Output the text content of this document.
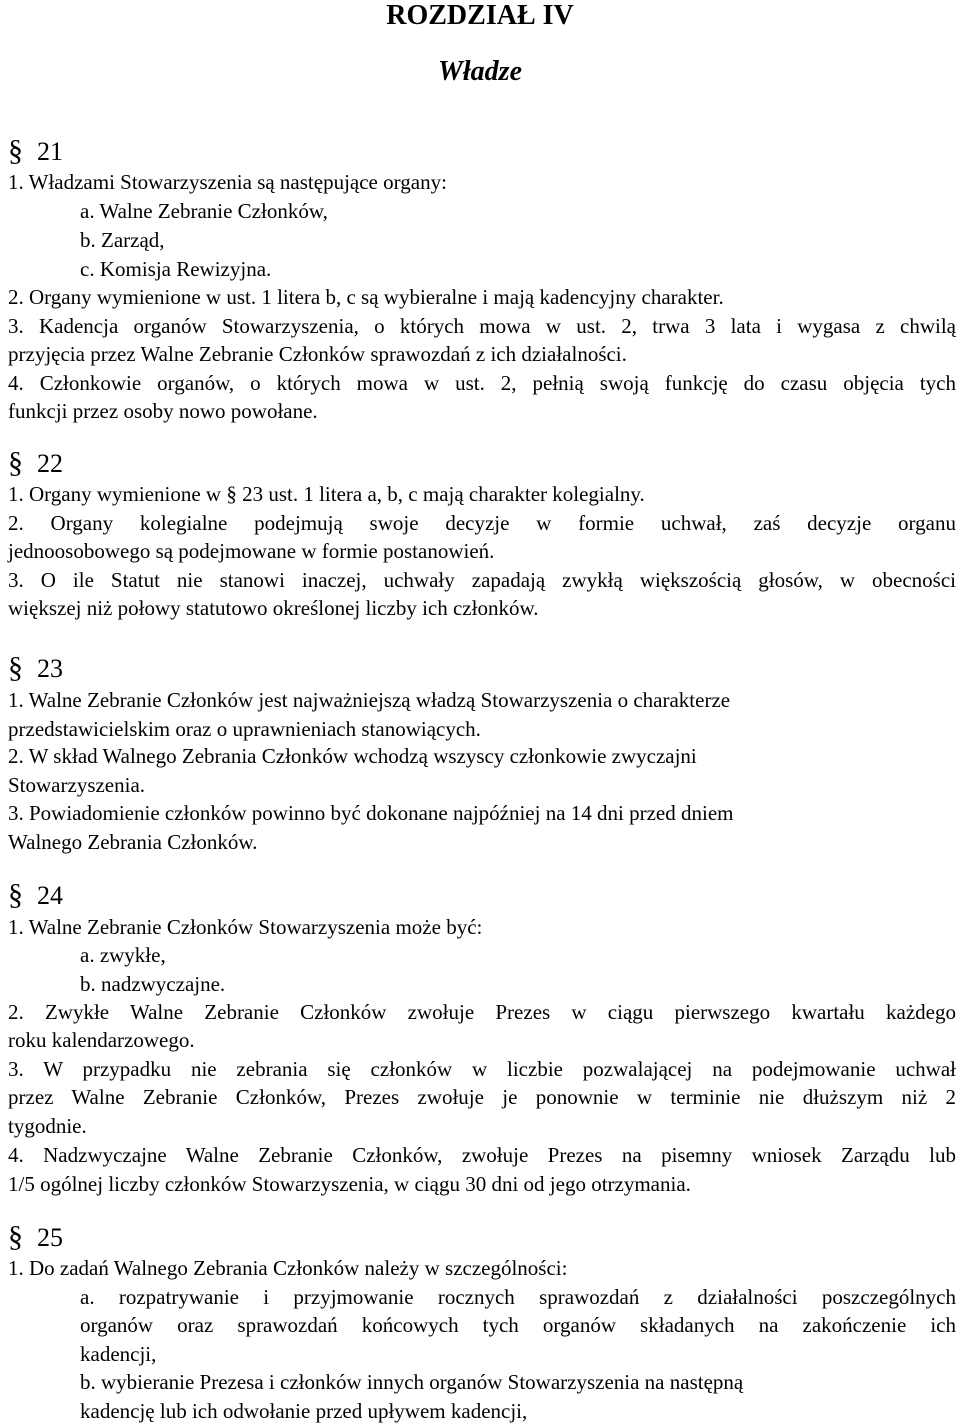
ROZDZIAŁ IV
Władze
§ 21

1. Władzami Stowarzyszenia są następujące organy:

a. Walne Zebranie Członków,

b. Zarząd,

c. Komisja Rewizyjna.

2. Organy wymienione w ust. 1 litera b, c są wybieralne i mają kadencyjny charakter.

3. Kadencja organów Stowarzyszenia, o których mowa w ust. 2, trwa 3 lata i wygasa z chwilą

przyjęcia przez Walne Zebranie Członków sprawozdań z ich działalności.

4. Członkowie organów, o których mowa w ust. 2, pełnią swoją funkcję do czasu objęcia tych

funkcji przez osoby nowo powołane.

§ 22

1. Organy wymienione w § 23 ust. 1 litera a, b, c mają charakter kolegialny.

2. Organy kolegialne podejmują swoje decyzje w formie uchwał, zaś decyzje organu

jednoosobowego są podejmowane w formie postanowień.

3. O ile Statut nie stanowi inaczej, uchwały zapadają zwykłą większością głosów, w obecności

większej niż połowy statutowo określonej liczby ich członków.

§ 23

1. Walne Zebranie Członków jest najważniejszą władzą Stowarzyszenia o charakterze

przedstawicielskim oraz o uprawnieniach stanowiących.

2. W skład Walnego Zebrania Członków wchodzą wszyscy członkowie zwyczajni

Stowarzyszenia.

3. Powiadomienie członków powinno być dokonane najpóźniej na 14 dni przed dniem

Walnego Zebrania Członków.

§ 24

1. Walne Zebranie Członków Stowarzyszenia może być:

a. zwykłe,

b. nadzwyczajne.

2. Zwykłe Walne Zebranie Członków zwołuje Prezes w ciągu pierwszego kwartału każdego

roku kalendarzowego.

3. W przypadku nie zebrania się członków w liczbie pozwalającej na podejmowanie uchwał

przez Walne Zebranie Członków, Prezes zwołuje je ponownie w terminie nie dłuższym niż 2

tygodnie.

4. Nadzwyczajne Walne Zebranie Członków, zwołuje Prezes na pisemny wniosek Zarządu lub

1/5 ogólnej liczby członków Stowarzyszenia, w ciągu 30 dni od jego otrzymania.

§ 25

1. Do zadań Walnego Zebrania Członków należy w szczególności:

a. rozpatrywanie i przyjmowanie rocznych sprawozdań z działalności poszczególnych

organów oraz sprawozdań końcowych tych organów składanych na zakończenie ich

kadencji,

b. wybieranie Prezesa i członków innych organów Stowarzyszenia na następną

kadencję lub ich odwołanie przed upływem kadencji,
